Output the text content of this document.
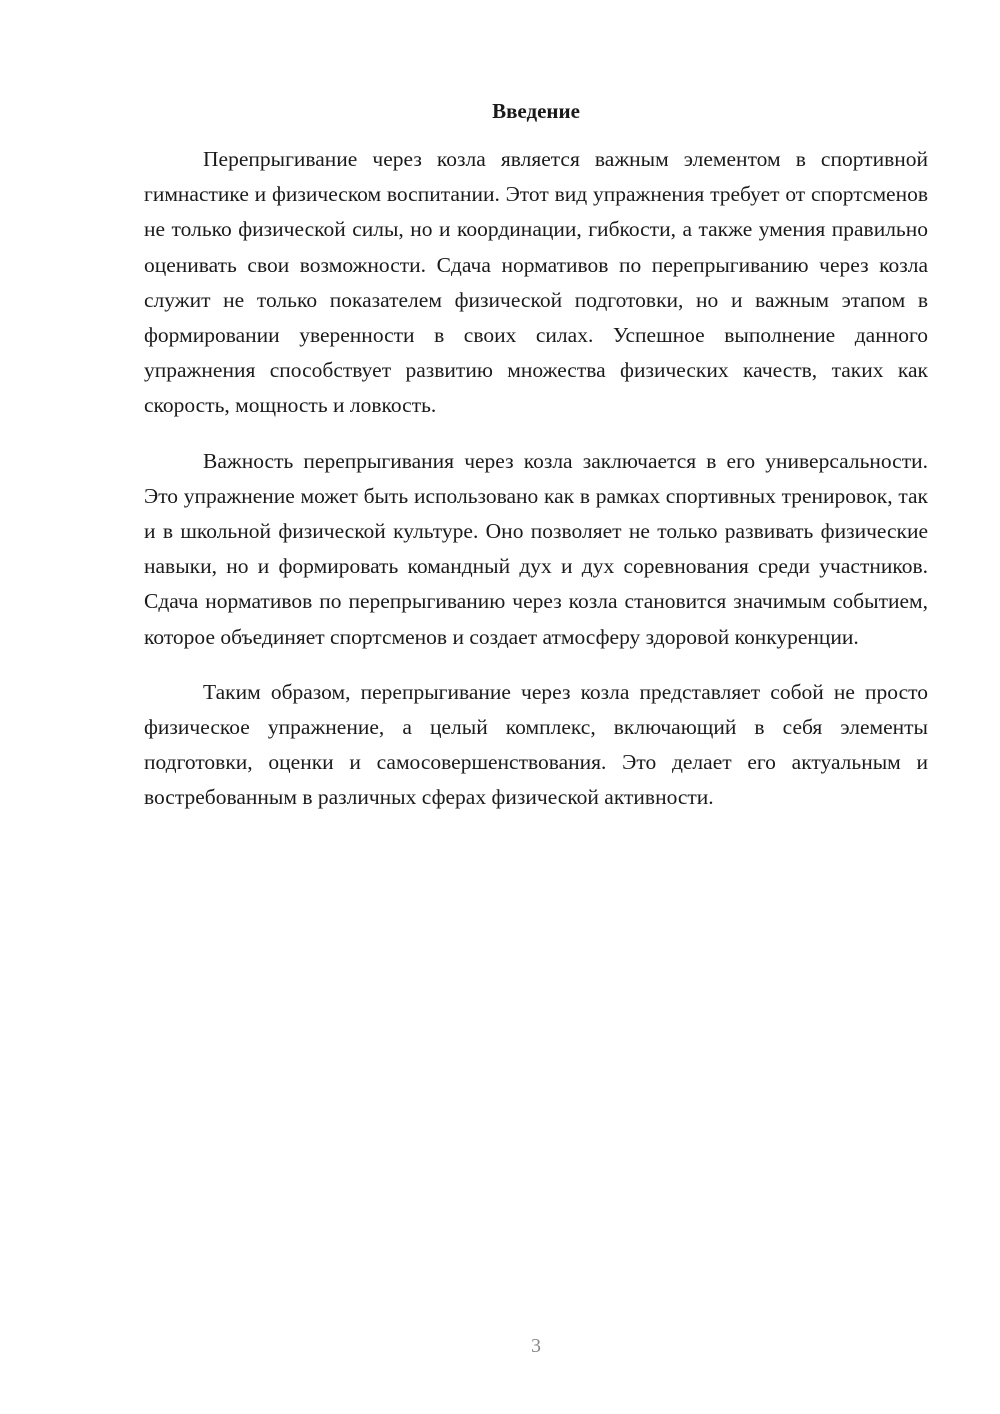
Введение

Перепрыгивание через козла является важным элементом в спортивной гимнастике и физическом воспитании. Этот вид упражнения требует от спортсменов не только физической силы, но и координации, гибкости, а также умения правильно оценивать свои возможности. Сдача нормативов по перепрыгиванию через козла служит не только показателем физической подготовки, но и важным этапом в формировании уверенности в своих силах. Успешное выполнение данного упражнения способствует развитию множества физических качеств, таких как скорость, мощность и ловкость.

Важность перепрыгивания через козла заключается в его универсальности. Это упражнение может быть использовано как в рамках спортивных тренировок, так и в школьной физической культуре. Оно позволяет не только развивать физические навыки, но и формировать командный дух и дух соревнования среди участников. Сдача нормативов по перепрыгиванию через козла становится значимым событием, которое объединяет спортсменов и создает атмосферу здоровой конкуренции.

Таким образом, перепрыгивание через козла представляет собой не просто физическое упражнение, а целый комплекс, включающий в себя элементы подготовки, оценки и самосовершенствования. Это делает его актуальным и востребованным в различных сферах физической активности.

3
